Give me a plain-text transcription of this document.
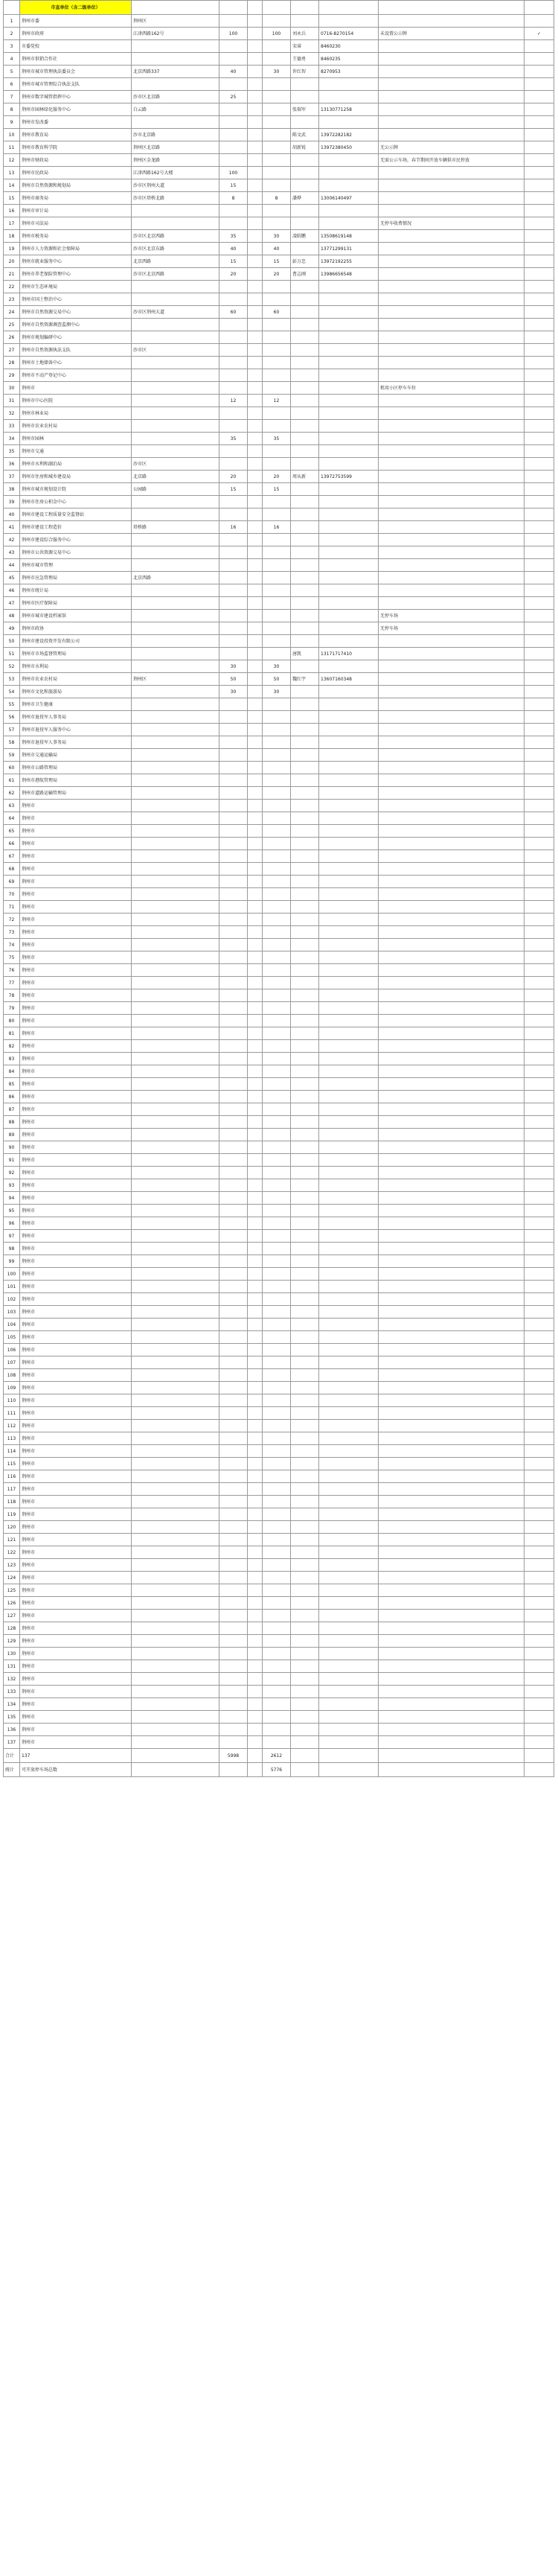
	市直单位（含二级单位）								
1	荆州市委	荆州区							
2	荆州市政府	江津西路162号	100		100	刘永兵	0716-8270154	未设置公示牌	✓
3	市委党校					宋睿	8460230		
4	荆州市供销合作社					王德勇	8460235		
5	荆州市城市管理执法委员会	北京西路337	40		30	许红智	8270953		
6	荆州市城市管理综合执法支队								
7	荆州市数字城管指挥中心	沙市区北京路	25						
8	荆州市园林绿化服务中心	白云路				张瑞军	13130771258		
9	荆州市发改委								
10	荆州市教育局	沙市北京路				陈文武	13972282182		
11	荆州市教育科学院	荆州区北京路				胡新锐	13972380450	无公示牌	
12	荆州市财政局	荆州区金龙路						无需公示车场，春节期间开放车辆供市民停放	
13	荆州市民政局	江津西路162号大楼	100						
14	荆州市自然资源和规划局	沙市区荆州大道	15						
15	荆州市商务局	沙市区塔桥北路	8		8	潘烨	13006140497		
16	荆州市审计局								
17	荆州市司法局							无停车收费情况	
18	荆州市税务局	沙市区北京西路	35		30	凌昭鹏	13508619148		
19	荆州市人力资源和社会保障局	沙市区北京东路	40		40		13771299131		
20	荆州市就业服务中心	北京西路	15		15	彭万忠	13972192255		
21	荆州市养老保险管理中心	沙市区北京西路	20		20	曹志刚	13986656548		
22	荆州市生态环境局								
23	荆州市国土整治中心								
24	荆州市自然资源交易中心	沙市区荆州大道	60		60				
25	荆州市自然资源调查监测中心								
26	荆州市规划编研中心								
27	荆州市自然资源执法支队	沙市区							
28	荆州市土地储备中心								
29	荆州市不动产登记中心								
30	荆州市							租用小区停车车位	
31	荆州市中心医院		12		12				
32	荆州市林业局								
33	荆州市农业农村局								
34	荆州市园林		35		35				
35	荆州市交通								
36	荆州市水利和湖泊局	沙市区							
37	荆州市住房和城乡建设局	北京路	20		20	周从新	13972753599		
38	荆州市城市规划设计院	公园路	15		15				
39	荆州市住房公积金中心								
40	荆州市建设工程质量安全监督站								
41	荆州市建设工程造价	塔桥路	16		16				
42	荆州市建设综合服务中心								
43	荆州市公共资源交易中心								
44	荆州市城市管理								
45	荆州市应急管理局	北京西路							
46	荆州市统计局								
47	荆州市医疗保障局								
48	荆州市城市建设档案馆							无停车场	
49	荆州市政协							无停车场	
50	荆州市建设投资开发有限公司								
51	荆州市市场监督管理局					唐凯	13171717410		
52	荆州市水利局		30		30				
53	荆州市农业农村局	荆州区	50		50	魏红宇	13607160348		
54	荆州市文化和旅游局		30		30				
55	荆州市卫生健康								
56	荆州市退役军人事务局								
57	荆州市退役军人服务中心								
58	荆州市退役军人事务局								
59	荆州市交通运输局								
60	荆州市公路管理局								
61	荆州市港航管理局								
62	荆州市道路运输管理局								
63	荆州市								
64	荆州市								
65	荆州市								
66	荆州市								
67	荆州市								
68	荆州市								
69	荆州市								
70	荆州市								
71	荆州市								
72	荆州市								
73	荆州市								
74	荆州市								
75	荆州市								
76	荆州市								
77	荆州市								
78	荆州市								
79	荆州市								
80	荆州市								
81	荆州市								
82	荆州市								
83	荆州市								
84	荆州市								
85	荆州市								
86	荆州市								
87	荆州市								
88	荆州市								
89	荆州市								
90	荆州市								
91	荆州市								
92	荆州市								
93	荆州市								
94	荆州市								
95	荆州市								
96	荆州市								
97	荆州市								
98	荆州市								
99	荆州市								
100	荆州市								
101	荆州市								
102	荆州市								
103	荆州市								
104	荆州市								
105	荆州市								
106	荆州市								
107	荆州市								
108	荆州市								
109	荆州市								
110	荆州市								
111	荆州市								
112	荆州市								
113	荆州市								
114	荆州市								
115	荆州市								
116	荆州市								
117	荆州市								
118	荆州市								
119	荆州市								
120	荆州市								
121	荆州市								
122	荆州市								
123	荆州市								
124	荆州市								
125	荆州市								
126	荆州市								
127	荆州市								
128	荆州市								
129	荆州市								
130	荆州市								
131	荆州市								
132	荆州市								
133	荆州市								
134	荆州市								
135	荆州市								
136	荆州市								
137	荆州市								
合计	137		5998		2612				
统计	可开放停车场总数				5776				
